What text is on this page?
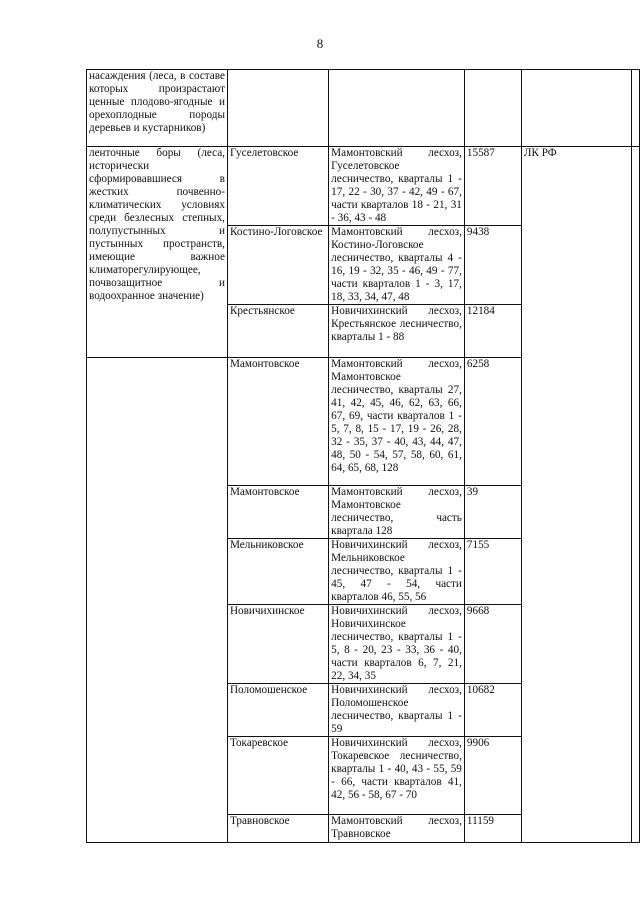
8
насаждения (леса, в составе которых произрастают ценные плодово-ягодные и орехоплодные породы деревьев и кустарников)					
ленточные боры (леса, исторически сформировавшиеся в жестких почвенно-климатических условиях среди безлесных степных, полупустынных и пустынных пространств, имеющие важное климаторегулирующее, почвозащитное и водоохранное значение)	Гуселетовское	Мамонтовский лесхоз, Гуселетовское лесничество, кварталы 1 - 17, 22 - 30, 37 - 42, 49 - 67, части кварталов 18 - 21, 31 - 36, 43 - 48	15587	ЛК РФ	
	Костино-Логовское	Мамонтовский лесхоз, Костино-Логовское лесничество, кварталы 4 - 16, 19 - 32, 35 - 46, 49 - 77, части кварталов 1 - 3, 17, 18, 33, 34, 47, 48	9438		
	Крестьянское	Новичихинский лесхоз, Крестьянское лесничество, кварталы 1 - 88	12184		
	Мамонтовское	Мамонтовский лесхоз, Мамонтовское лесничество, кварталы 27, 41, 42, 45, 46, 62, 63, 66, 67, 69, части кварталов 1 - 5, 7, 8, 15 - 17, 19 - 26, 28, 32 - 35, 37 - 40, 43, 44, 47, 48, 50 - 54, 57, 58, 60, 61, 64, 65, 68, 128	6258		
	Мамонтовское	Мамонтовский лесхоз, Мамонтовское лесничество, часть квартала 128	39		
	Мельниковское	Новичихинский лесхоз, Мельниковское лесничество, кварталы 1 - 45, 47 - 54, части кварталов 46, 55, 56	7155		
	Новичихинское	Новичихинский лесхоз, Новичихинское лесничество, кварталы 1 - 5, 8 - 20, 23 - 33, 36 - 40, части кварталов 6, 7, 21, 22, 34, 35	9668		
	Поломошенское	Новичихинский лесхоз, Поломошенское лесничество, кварталы 1 - 59	10682		
	Токаревское	Новичихинский лесхоз, Токаревское лесничество, кварталы 1 - 40, 43 - 55, 59 - 66, части кварталов 41, 42, 56 - 58, 67 - 70	9906		
	Травновское	Мамонтовский лесхоз, Травновское	11159		
